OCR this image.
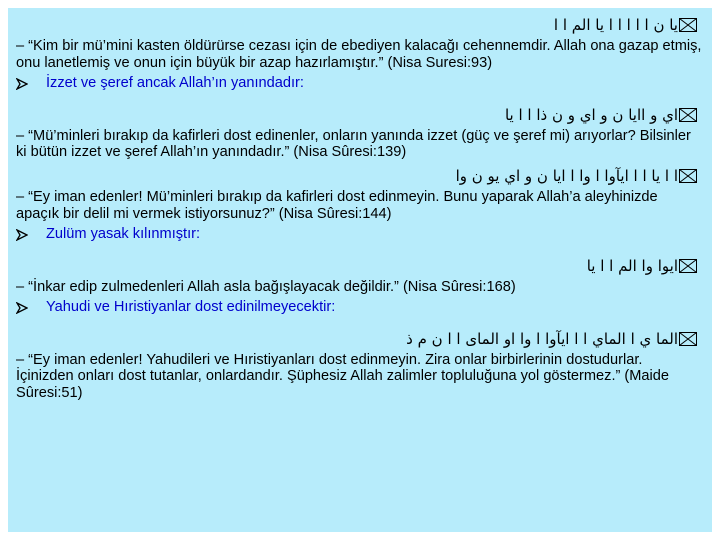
يا ن ا ا ا ا ا يا الم ا ا
– “Kim bir mü’mini kasten öldürürse cezası için de ebediyen kalacağı cehennemdir. Allah ona gazap etmiş, onu lanetlemiş ve onun için büyük bir azap hazırlamıştır.” (Nisa Suresi:93)
İzzet ve şeref ancak Allah’ın yanındadır:
اي و اايا ن و اي و ن ذا ا ا يا
– “Mü’minleri bırakıp da kafirleri dost edinenler, onların yanında izzet (güç ve şeref mi) arıyorlar? Bilsinler ki bütün izzet ve şeref Allah’ın yanındadır.” (Nisa Sûresi:139)
ا ا يا ا ا ايآوا ا وا ا ايا ن و اي يو ن وا
– “Ey iman edenler! Mü’minleri bırakıp da kafirleri dost edinmeyin. Bunu yaparak Allah’a aleyhinizde apaçık bir delil mi vermek istiyorsunuz?” (Nisa Sûresi:144)
Zulüm yasak kılınmıştır:
ايوا وا الم ا ا يا
– “İnkar edip zulmedenleri Allah asla bağışlayacak değildir.” (Nisa Sûresi:168)
Yahudi ve Hıristiyanlar dost edinilmeyecektir:
الما ي ا الماي ا ا ايآوا ا وا او الماى ا ا ن م ذ
– “Ey iman edenler! Yahudileri ve Hıristiyanları dost edinmeyin. Zira onlar birbirlerinin dostudurlar. İçinizden onları dost tutanlar, onlardandır. Şüphesiz Allah zalimler topluluğuna yol göstermez.” (Maide Sûresi:51)
